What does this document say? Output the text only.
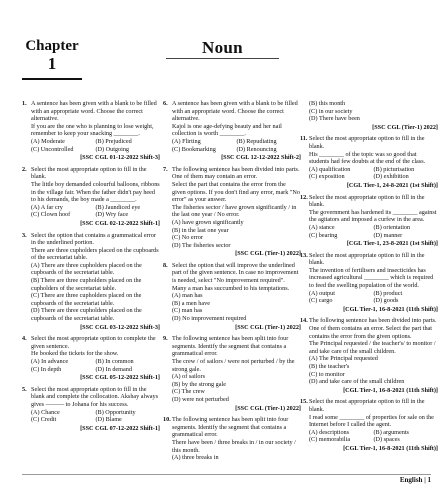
Noun
Chapter
1
1. A sentence has been given with a blank to be filled with an appropriate word. Choose the correct alternative.
If you are the one who is planning to lose weight, remember to keep your snacking ________.
(A) Moderate	(B) Prejudiced
(C) Uncontrolled	(D) Outgoing
[SSC CGL 01-12-2022 Shift-3]
2. Select the most appropriate option to fill in the blank.
The little boy demanded colourful balloons, ribbons in the village fair. When the father didn't pay heed to his demands, the boy made a ________.
(A) A far cry	(B) Jaundiced eye
(C) Clown hoof	(D) Wry face
[SSC CGL 02-12-2022 Shift-1]
3. Select the option that contains a grammatical error in the underlined portion.
There are three cupholders placed on the cupboards of the secretariat table.
(A) There are three cupholders placed on the cupboards of the secretariat table.
(B) There are three cupholders placed on the cupholders of the secretariat table.
(C) There are three cupholders placed on the cupboards of the secretariat table.
(D) There are three cupholders placed on the cupboards of the secretariat table.
[SSC CGL 03-12-2022 Shift-3]
4. Select the most appropriate option to complete the given sentence.
He booked the tickets for the show.
(A) In advance	(B) In common
(C) In depth	(D) In demand
[SSC CGL 05-12-2022 Shift-1]
5. Select the most appropriate option to fill in the blank and complete the collocation. Akshay always gives ——— to Johana for his success.
(A) Chance	(B) Opportunity
(C) Credit	(D) Blame
[SSC CGL 07-12-2022 Shift-1]
6. A sentence has been given with a blank to be filled with an appropriate word. Choose the correct alternative.
Kajol is one age-defying beauty and her nail collection is worth ________.
(A) Flirting	(B) Repudiating
(C) Bookmarking	(D) Renouncing
[SSC CGL 12-12-2022 Shift-2]
7. The following sentence has been divided into parts. One of them may contain an error.
Select the part that contains the error from the given options. If you don't find any error, mark "No error" as your answer.
The fisheries sector / have grown significantly / in the last one year / No error.
(A) have grown significantly
(B) in the last one year
(C) No error
(D) The fisheries sector
[SSC CGL (Tier-1) 2022]
8. Select the option that will improve the underlined part of the given sentence. In case no improvement is needed, select "No improvement required".
Many a man has succumbed to his temptations.
(A) man has
(B) a men have
(C) man has
(D) No improvement required
[SSC CGL (Tier-1) 2022]
9. The following sentence has been split into four segments. Identify the segment that contains a grammatical error.
The crew / of sailors / were not perturbed / by the strong gale.
(A) of sailors
(B) by the strong gale
(C) The crew
(D) were not perturbed
[SSC CGL (Tier-1) 2022]
10. The following sentence has been split into four segments. Identify the segment that contains a grammatical error.
There have been / three breaks in / in our society / this month.
(A) three breaks in
(B) this month
(C) in our society
(D) There have been
[SSC CGL (Tier-1) 2022]
11. Select the most appropriate option to fill in the blank.
His ________ of the topic was so good that students had few doubts at the end of the class.
(A) qualification	(B) picturisation
(C) exposition	(D) exhibition
[CGL Tier-1, 24-8-2021 (1st Shift)]
12. Select the most appropriate option to fill in the blank.
The government has hardened its ________ against the agitators and imposed a curfew in the area.
(A) stance	(B) orientation
(C) bearing	(D) manner
[CGL Tier-1, 23-8-2021 (1st Shift)]
13. Select the most appropriate option to fill in the blank.
The invention of fertilisers and insecticides has increased agricultural ________ which is required to feed the swelling population of the world.
(A) output	(B) product
(C) cargo	(D) goods
[CGL Tier-1, 16-8-2021 (11th Shift)]
14. The following sentence has been divided into parts. One of them contains an error. Select the part that contains the error from the given options.
The Principal requested / the teacher's/ to monitor / and take care of the small children.
(A) The Principal requested
(B) the teacher's
(C) to monitor
(D) and take care of the small children
[CGL Tier-1, 16-8-2021 (11th Shift)]
15. Select the most appropriate option to fill in the blank.
I read some ________ of properties for sale on the Internet before I called the agent.
(A) descriptions	(B) arguments
(C) memorabilia	(D) spaces
[CGL Tier-1, 16-8-2021 (11th Shift)]
English | 1
